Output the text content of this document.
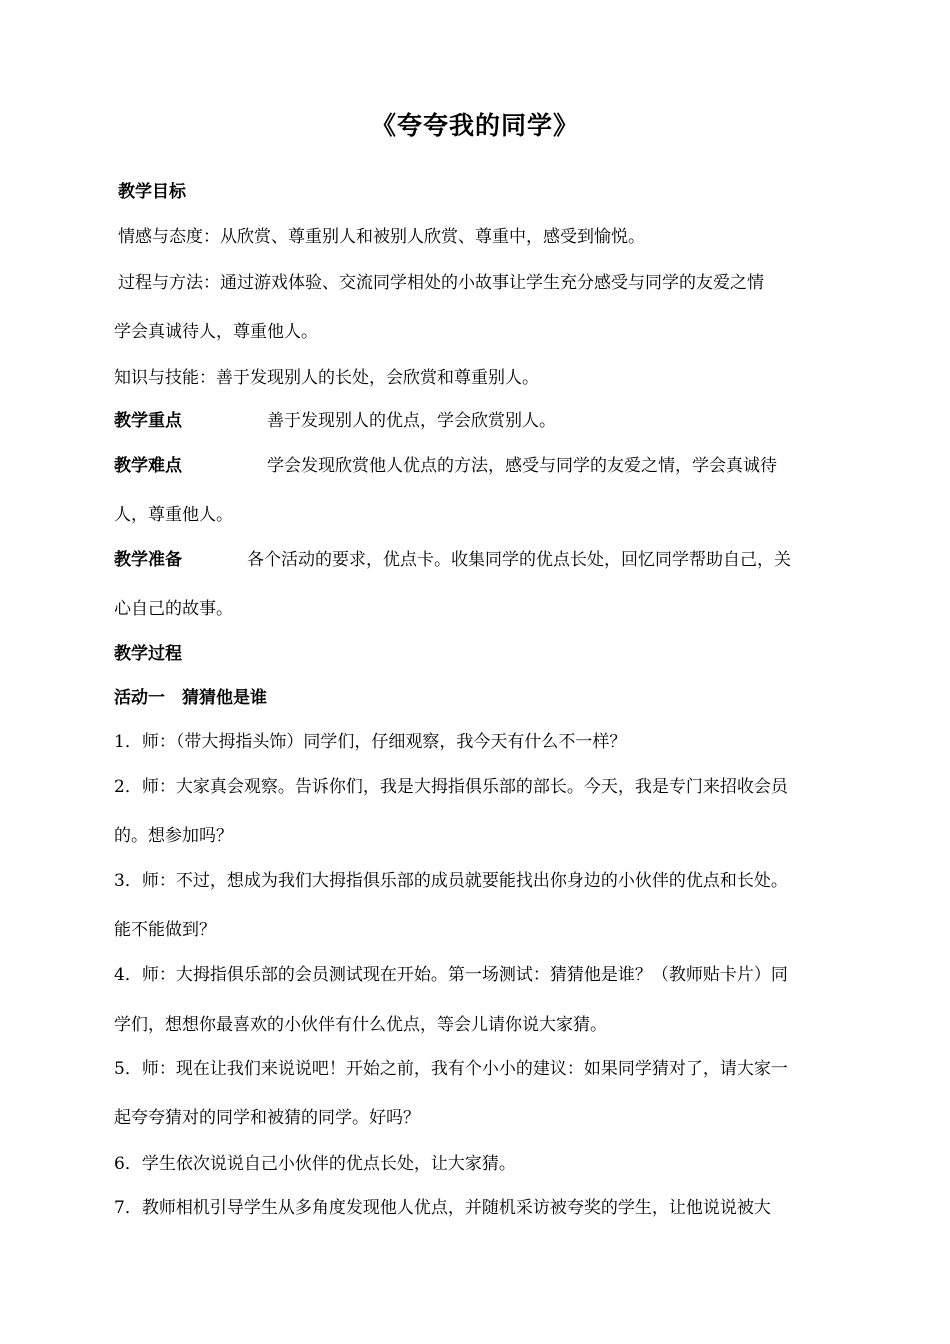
《夸夸我的同学》
教学目标
情感与态度：从欣赏、尊重别人和被别人欣赏、尊重中，感受到愉悦。
过程与方法：通过游戏体验、交流同学相处的小故事让学生充分感受与同学的友爱之情
学会真诚待人，尊重他人。
知识与技能：善于发现别人的长处，会欣赏和尊重别人。
教学重点	善于发现别人的优点，学会欣赏别人。
教学难点	学会发现欣赏他人优点的方法，感受与同学的友爱之情，学会真诚待
人，尊重他人。
教学准备	各个活动的要求，优点卡。收集同学的优点长处，回忆同学帮助自己，关
心自己的故事。
教学过程
活动一　猜猜他是谁
1．师：（带大拇指头饰）同学们，仔细观察，我今天有什么不一样？
2．师：大家真会观察。告诉你们，我是大拇指俱乐部的部长。今天，我是专门来招收会员
的。想参加吗？
3．师：不过，想成为我们大拇指俱乐部的成员就要能找出你身边的小伙伴的优点和长处。
能不能做到？
4．师：大拇指俱乐部的会员测试现在开始。第一场测试：猜猜他是谁？（教师贴卡片）同
学们，想想你最喜欢的小伙伴有什么优点，等会儿请你说大家猜。
5．师：现在让我们来说说吧！开始之前，我有个小小的建议：如果同学猜对了，请大家一
起夸夸猜对的同学和被猜的同学。好吗？
6．学生依次说说自己小伙伴的优点长处，让大家猜。
7．教师相机引导学生从多角度发现他人优点，并随机采访被夸奖的学生，让他说说被大
